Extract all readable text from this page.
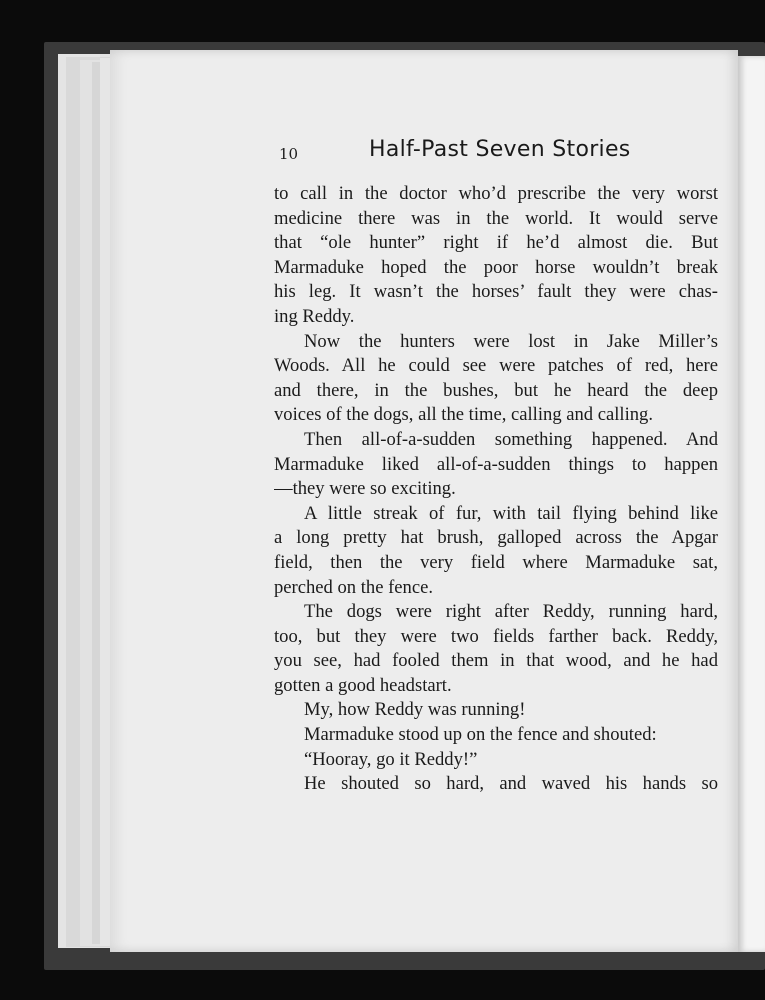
10	Half-Past Seven Stories
to call in the doctor who’d prescribe the very worst
medicine there was in the world. It would serve
that “ole hunter” right if he’d almost die. But
Marmaduke hoped the poor horse wouldn’t break
his leg. It wasn’t the horses’ fault they were chas-
ing Reddy.
Now the hunters were lost in Jake Miller’s
Woods. All he could see were patches of red, here
and there, in the bushes, but he heard the deep
voices of the dogs, all the time, calling and calling.
Then all-of-a-sudden something happened. And
Marmaduke liked all-of-a-sudden things to happen
—they were so exciting.
A little streak of fur, with tail flying behind like
a long pretty hat brush, galloped across the Apgar
field, then the very field where Marmaduke sat,
perched on the fence.
The dogs were right after Reddy, running hard,
too, but they were two fields farther back. Reddy,
you see, had fooled them in that wood, and he had
gotten a good headstart.
My, how Reddy was running!
Marmaduke stood up on the fence and shouted:
“Hooray, go it Reddy!”
He shouted so hard, and waved his hands so
